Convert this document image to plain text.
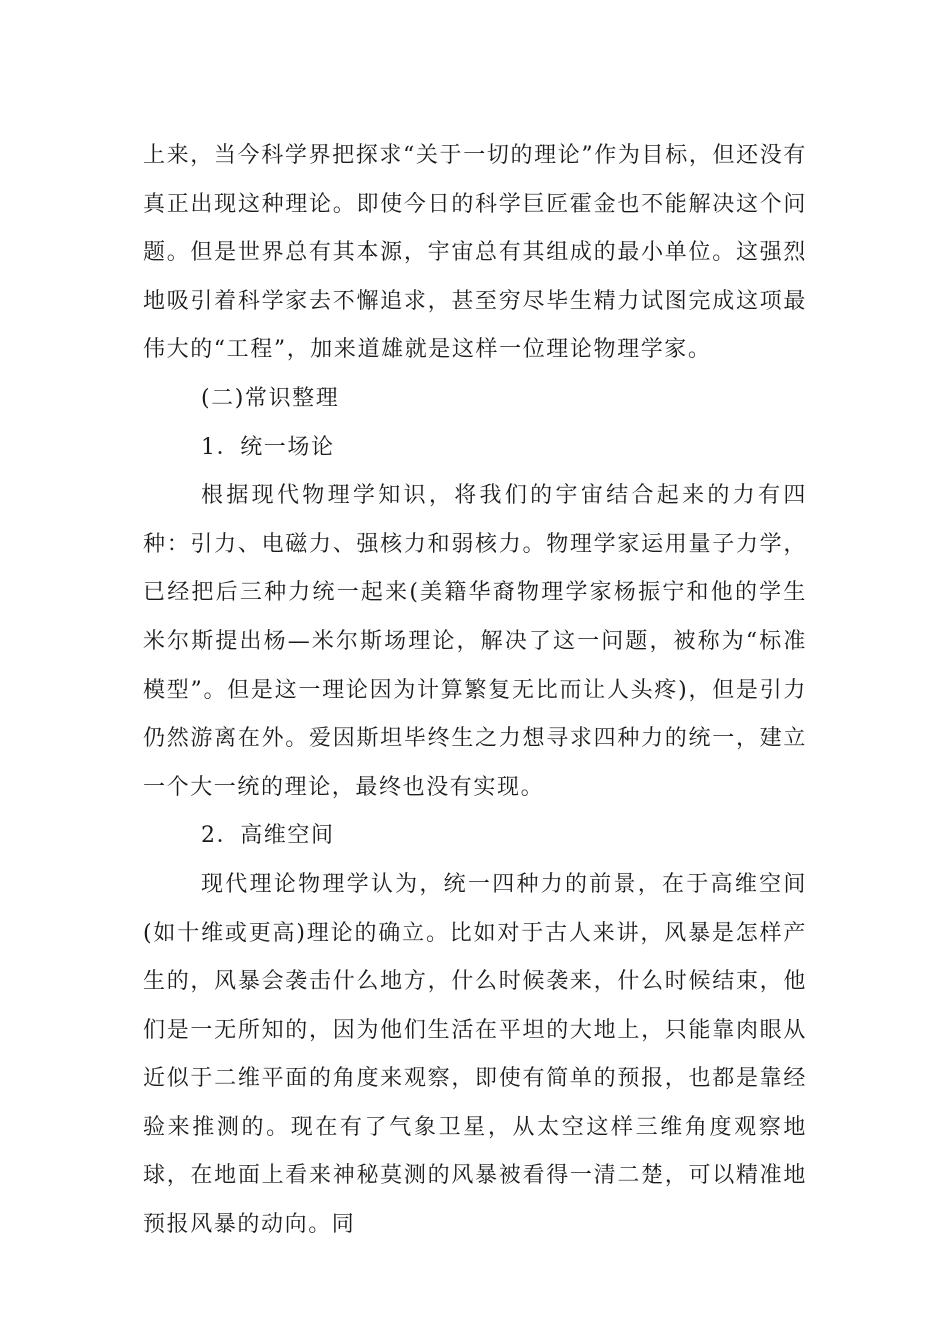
上来，当今科学界把探求“关于一切的理论”作为目标，但还没有真正出现这种理论。即使今日的科学巨匠霍金也不能解决这个问题。但是世界总有其本源，宇宙总有其组成的最小单位。这强烈地吸引着科学家去不懈追求，甚至穷尽毕生精力试图完成这项最伟大的“工程”，加来道雄就是这样一位理论物理学家。

(二)常识整理

1．统一场论

根据现代物理学知识，将我们的宇宙结合起来的力有四种：引力、电磁力、强核力和弱核力。物理学家运用量子力学，已经把后三种力统一起来(美籍华裔物理学家杨振宁和他的学生米尔斯提出杨—米尔斯场理论，解决了这一问题，被称为“标准模型”。但是这一理论因为计算繁复无比而让人头疼)，但是引力仍然游离在外。爱因斯坦毕终生之力想寻求四种力的统一，建立一个大一统的理论，最终也没有实现。

2．高维空间

现代理论物理学认为，统一四种力的前景，在于高维空间(如十维或更高)理论的确立。比如对于古人来讲，风暴是怎样产生的，风暴会袭击什么地方，什么时候袭来，什么时候结束，他们是一无所知的，因为他们生活在平坦的大地上，只能靠肉眼从近似于二维平面的角度来观察，即使有简单的预报，也都是靠经验来推测的。现在有了气象卫星，从太空这样三维角度观察地球，在地面上看来神秘莫测的风暴被看得一清二楚，可以精准地预报风暴的动向。同
